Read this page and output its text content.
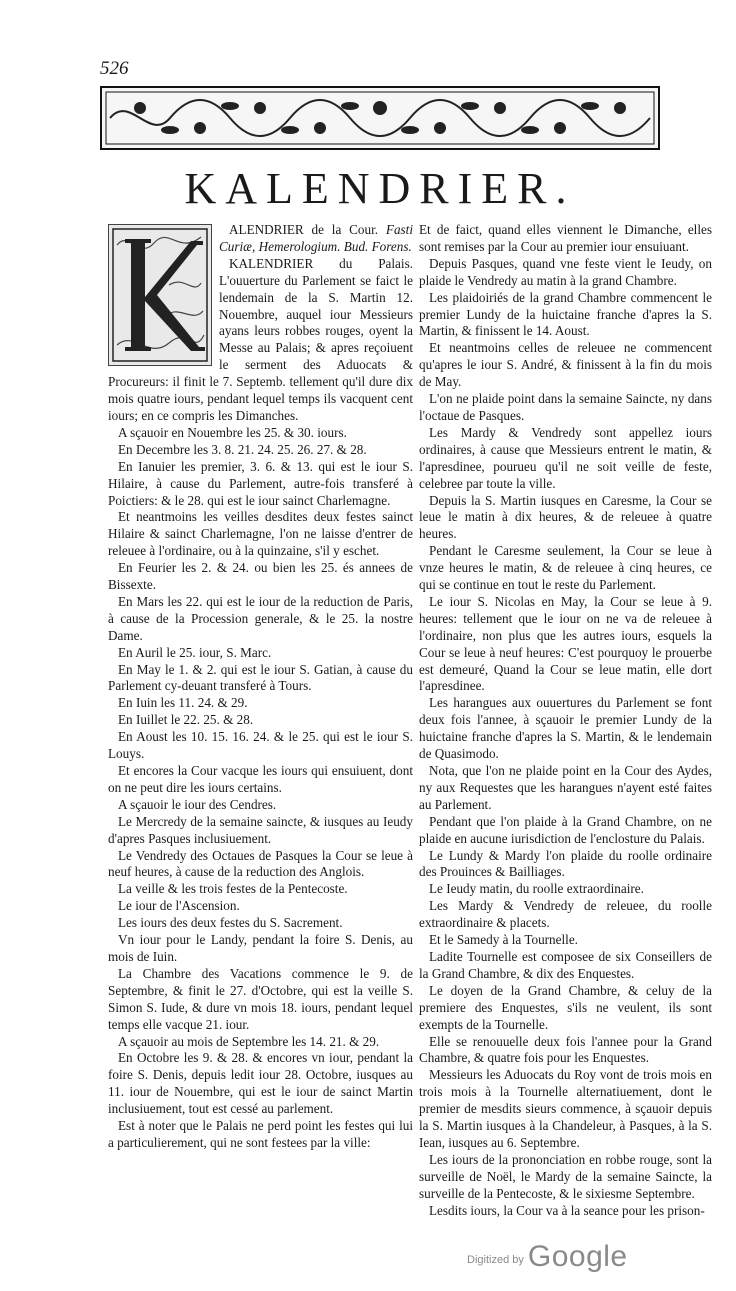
526
KALENDRIER.

ALENDRIER de la Cour. Fasti Curiæ, Hemerologium. Bud. Forens.

KALENDRIER du Palais. L'ouuerture du Parlement se faict le lendemain de la S. Martin 12. Nouembre, auquel iour Messieurs ayans leurs robbes rouges, oyent la Messe au Palais; & apres reçoiuent le serment des Aduocats & Procureurs: il finit le 7. Septemb. tellement qu'il dure dix mois quatre iours, pendant lequel temps ils vacquent cent iours; en ce compris les Dimanches.

A sçauoir en Nouembre les 25. & 30. iours.

En Decembre les 3. 8. 21. 24. 25. 26. 27. & 28.

En Ianuier les premier, 3. 6. & 13. qui est le iour S. Hilaire, à cause du Parlement, autre-fois transferé à Poictiers: & le 28. qui est le iour sainct Charlemagne.

Et neantmoins les veilles desdites deux festes sainct Hilaire & sainct Charlemagne, l'on ne laisse d'entrer de releuee à l'ordinaire, ou à la quinzaine, s'il y eschet.

En Feurier les 2. & 24. ou bien les 25. és annees de Bissexte.

En Mars les 22. qui est le iour de la reduction de Paris, à cause de la Procession generale, & le 25. la nostre Dame.

En Auril le 25. iour, S. Marc.

En May le 1. & 2. qui est le iour S. Gatian, à cause du Parlement cy-deuant transferé à Tours.

En Iuin les 11. 24. & 29.

En Iuillet le 22. 25. & 28.

En Aoust les 10. 15. 16. 24. & le 25. qui est le iour S. Louys.

Et encores la Cour vacque les iours qui ensuiuent, dont on ne peut dire les iours certains.

A sçauoir le iour des Cendres.

Le Mercredy de la semaine saincte, & iusques au Ieudy d'apres Pasques inclusiuement.

Le Vendredy des Octaues de Pasques la Cour se leue à neuf heures, à cause de la reduction des Anglois.

La veille & les trois festes de la Pentecoste.

Le iour de l'Ascension.

Les iours des deux festes du S. Sacrement.

Vn iour pour le Landy, pendant la foire S. Denis, au mois de Iuin.

La Chambre des Vacations commence le 9. de Septembre, & finit le 27. d'Octobre, qui est la veille S. Simon S. Iude, & dure vn mois 18. iours, pendant lequel temps elle vacque 21. iour.

A sçauoir au mois de Septembre les 14. 21. & 29.

En Octobre les 9. & 28. & encores vn iour, pendant la foire S. Denis, depuis ledit iour 28. Octobre, iusques au 11. iour de Nouembre, qui est le iour de sainct Martin inclusiuement, tout est cessé au parlement.

Est à noter que le Palais ne perd point les festes qui lui a particulierement, qui ne sont festees par la ville:

Et de faict, quand elles viennent le Dimanche, elles sont remises par la Cour au premier iour ensuiuant.

Depuis Pasques, quand vne feste vient le Ieudy, on plaide le Vendredy au matin à la grand Chambre.

Les plaidoiriés de la grand Chambre commencent le premier Lundy de la huictaine franche d'apres la S. Martin, & finissent le 14. Aoust.

Et neantmoins celles de releuee ne commencent qu'apres le iour S. André, & finissent à la fin du mois de May.

L'on ne plaide point dans la semaine Saincte, ny dans l'octaue de Pasques.

Les Mardy & Vendredy sont appellez iours ordinaires, à cause que Messieurs entrent le matin, & l'apresdinee, pourueu qu'il ne soit veille de feste, celebree par toute la ville.

Depuis la S. Martin iusques en Caresme, la Cour se leue le matin à dix heures, & de releuee à quatre heures.

Pendant le Caresme seulement, la Cour se leue à vnze heures le matin, & de releuee à cinq heures, ce qui se continue en tout le reste du Parlement.

Le iour S. Nicolas en May, la Cour se leue à 9. heures: tellement que le iour on ne va de releuee à l'ordinaire, non plus que les autres iours, esquels la Cour se leue à neuf heures: C'est pourquoy le prouerbe est demeuré, Quand la Cour se leue matin, elle dort l'apresdinee.

Les harangues aux ouuertures du Parlement se font deux fois l'annee, à sçauoir le premier Lundy de la huictaine franche d'apres la S. Martin, & le lendemain de Quasimodo.

Nota, que l'on ne plaide point en la Cour des Aydes, ny aux Requestes que les harangues n'ayent esté faites au Parlement.

Pendant que l'on plaide à la Grand Chambre, on ne plaide en aucune iurisdiction de l'enclosture du Palais.

Le Lundy & Mardy l'on plaide du roolle ordinaire des Prouinces & Bailliages.

Le Ieudy matin, du roolle extraordinaire.

Les Mardy & Vendredy de releuee, du roolle extraordinaire & placets.

Et le Samedy à la Tournelle.

Ladite Tournelle est composee de six Conseillers de la Grand Chambre, & dix des Enquestes.

Le doyen de la Grand Chambre, & celuy de la premiere des Enquestes, s'ils ne veulent, ils sont exempts de la Tournelle.

Elle se renouuelle deux fois l'annee pour la Grand Chambre, & quatre fois pour les Enquestes.

Messieurs les Aduocats du Roy vont de trois mois en trois mois à la Tournelle alternatiuement, dont le premier de mesdits sieurs commence, à sçauoir depuis la S. Martin iusques à la Chandeleur, à Pasques, à la S. Iean, iusques au 6. Septembre.

Les iours de la prononciation en robbe rouge, sont la surveille de Noël, le Mardy de la semaine Saincte, la surveille de la Pentecoste, & le sixiesme Septembre.

Lesdits iours, la Cour va à la seance pour les prison-

Digitized by Google
